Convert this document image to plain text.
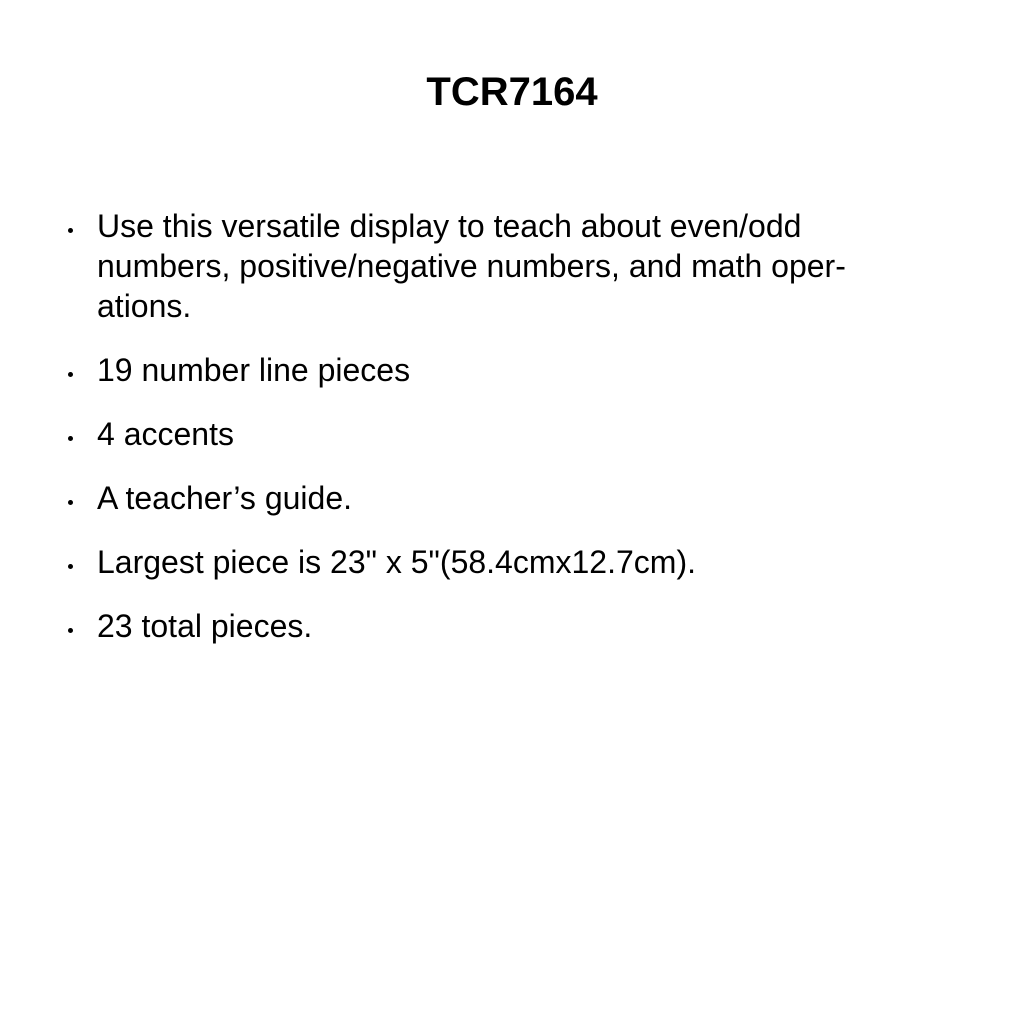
TCR7164
Use this versatile display to teach about even/odd
numbers, positive/negative numbers, and math oper-
ations.
19 number line pieces
4 accents
A teacher’s guide.
Largest piece is 23" x 5"(58.4cmx12.7cm).
23 total pieces.
